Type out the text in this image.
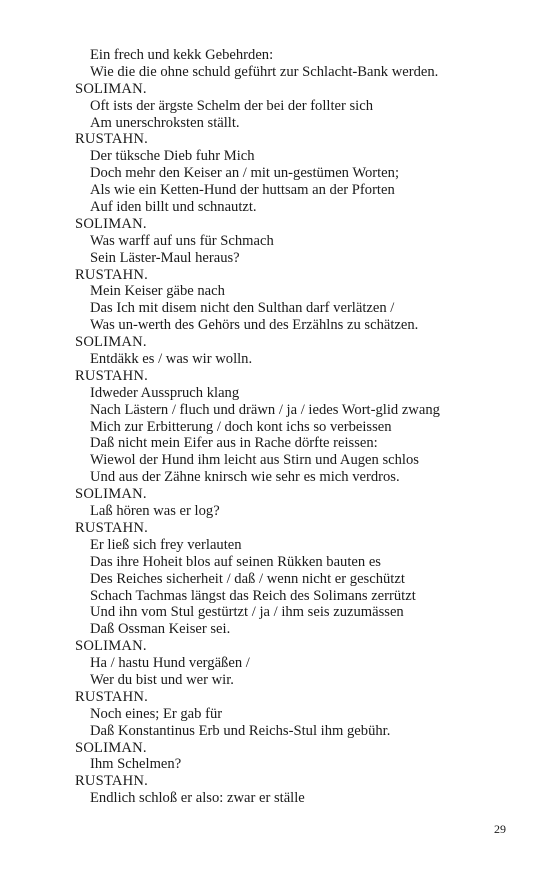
Ein frech und kekk Gebehrden:
Wie die die ohne schuld geführt zur Schlacht-Bank werden.
SOLIMAN.
Oft ists der ärgste Schelm der bei der follter sich
Am unerschroksten ställt.
RUSTAHN.
Der tüksche Dieb fuhr Mich
Doch mehr den Keiser an / mit un-gestümen Worten;
Als wie ein Ketten-Hund der huttsam an der Pforten
Auf iden billt und schnautzt.
SOLIMAN.
Was warff auf uns für Schmach
Sein Läster-Maul heraus?
RUSTAHN.
Mein Keiser gäbe nach
Das Ich mit disem nicht den Sulthan darf verlätzen /
Was un-werth des Gehörs und des Erzählns zu schätzen.
SOLIMAN.
Entdäkk es / was wir wolln.
RUSTAHN.
Idweder Ausspruch klang
Nach Lästern / fluch und dräwn / ja / iedes Wort-glid zwang
Mich zur Erbitterung / doch kont ichs so verbeissen
Daß nicht mein Eifer aus in Rache dörfte reissen:
Wiewol der Hund ihm leicht aus Stirn und Augen schlos
Und aus der Zähne knirsch wie sehr es mich verdros.
SOLIMAN.
Laß hören was er log?
RUSTAHN.
Er ließ sich frey verlauten
Das ihre Hoheit blos auf seinen Rükken bauten es
Des Reiches sicherheit / daß / wenn nicht er geschützt
Schach Tachmas längst das Reich des Solimans zerrützt
Und ihn vom Stul gestürtzt / ja / ihm seis zuzumässen
Daß Ossman Keiser sei.
SOLIMAN.
Ha / hastu Hund vergäßen /
Wer du bist und wer wir.
RUSTAHN.
Noch eines; Er gab für
Daß Konstantinus Erb und Reichs-Stul ihm gebühr.
SOLIMAN.
Ihm Schelmen?
RUSTAHN.
Endlich schloß er also: zwar er ställe
29
